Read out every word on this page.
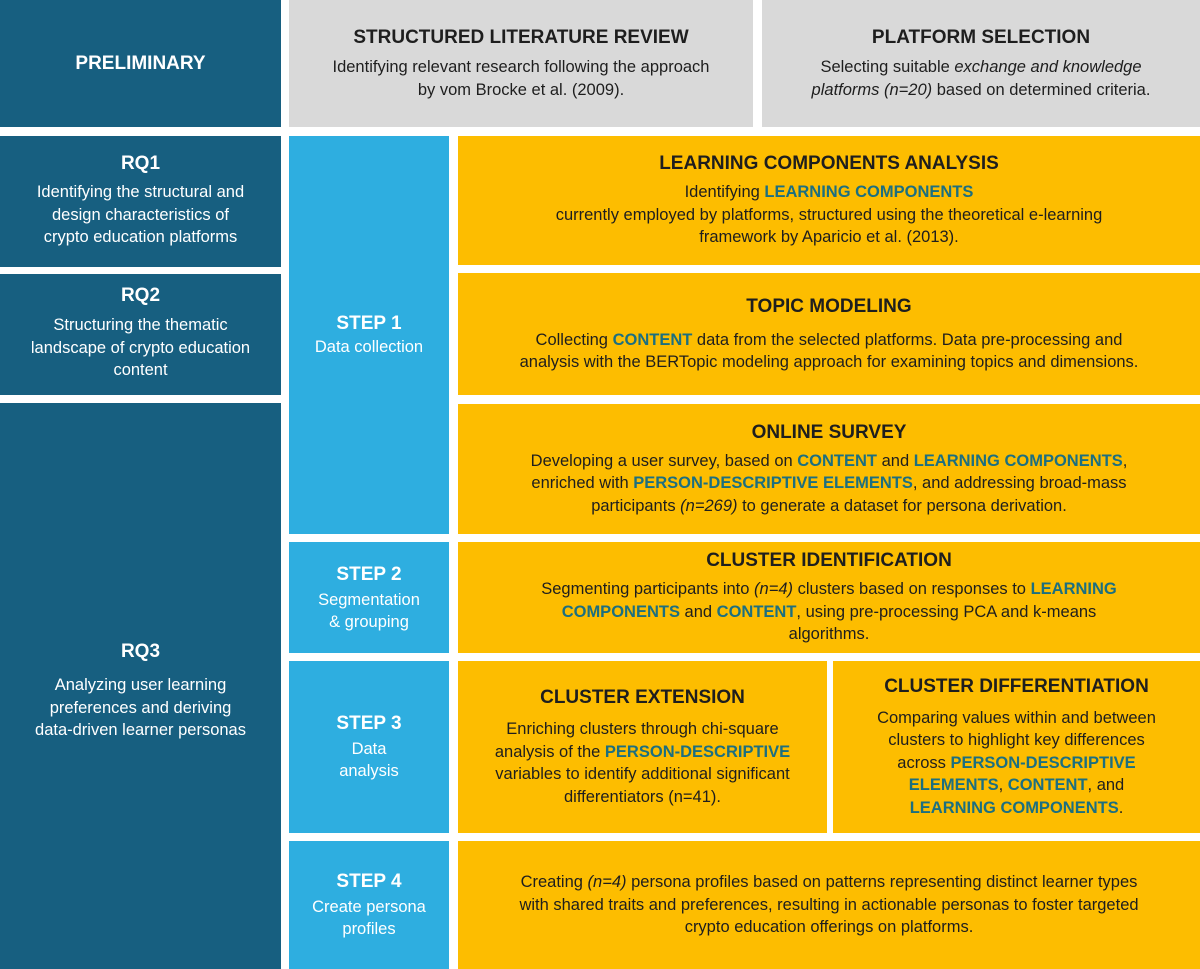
PRELIMINARY

STRUCTURED LITERATURE REVIEW

Identifying relevant research following the approach

by vom Brocke et al. (2009).

PLATFORM SELECTION

Selecting suitable exchange and knowledge

platforms (n=20) based on determined criteria.

RQ1

Identifying the structural and

design characteristics of

crypto education platforms

RQ2

Structuring the thematic

landscape of crypto education

content

RQ3

Analyzing user learning

preferences and deriving

data-driven learner personas

STEP 1

Data collection

STEP 2

Segmentation

& grouping

STEP 3

Data

analysis

STEP 4

Create persona

profiles

LEARNING COMPONENTS ANALYSIS

Identifying LEARNING COMPONENTS

currently employed by platforms, structured using the theoretical e-learning

framework by Aparicio et al. (2013).

TOPIC MODELING

Collecting CONTENT data from the selected platforms. Data pre-processing and

analysis with the BERTopic modeling approach for examining topics and dimensions.

ONLINE SURVEY

Developing a user survey, based on CONTENT and LEARNING COMPONENTS,

enriched with PERSON-DESCRIPTIVE ELEMENTS, and addressing broad-mass

participants (n=269) to generate a dataset for persona derivation.

CLUSTER IDENTIFICATION

Segmenting participants into (n=4) clusters based on responses to LEARNING

COMPONENTS and CONTENT, using pre-processing PCA and k-means

algorithms.

CLUSTER EXTENSION

Enriching clusters through chi-square

analysis of the PERSON-DESCRIPTIVE

variables to identify additional significant

differentiators (n=41).

CLUSTER DIFFERENTIATION

Comparing values within and between

clusters to highlight key differences

across PERSON-DESCRIPTIVE

ELEMENTS, CONTENT, and

LEARNING COMPONENTS.

Creating (n=4) persona profiles based on patterns representing distinct learner types

with shared traits and preferences, resulting in actionable personas to foster targeted

crypto education offerings on platforms.
